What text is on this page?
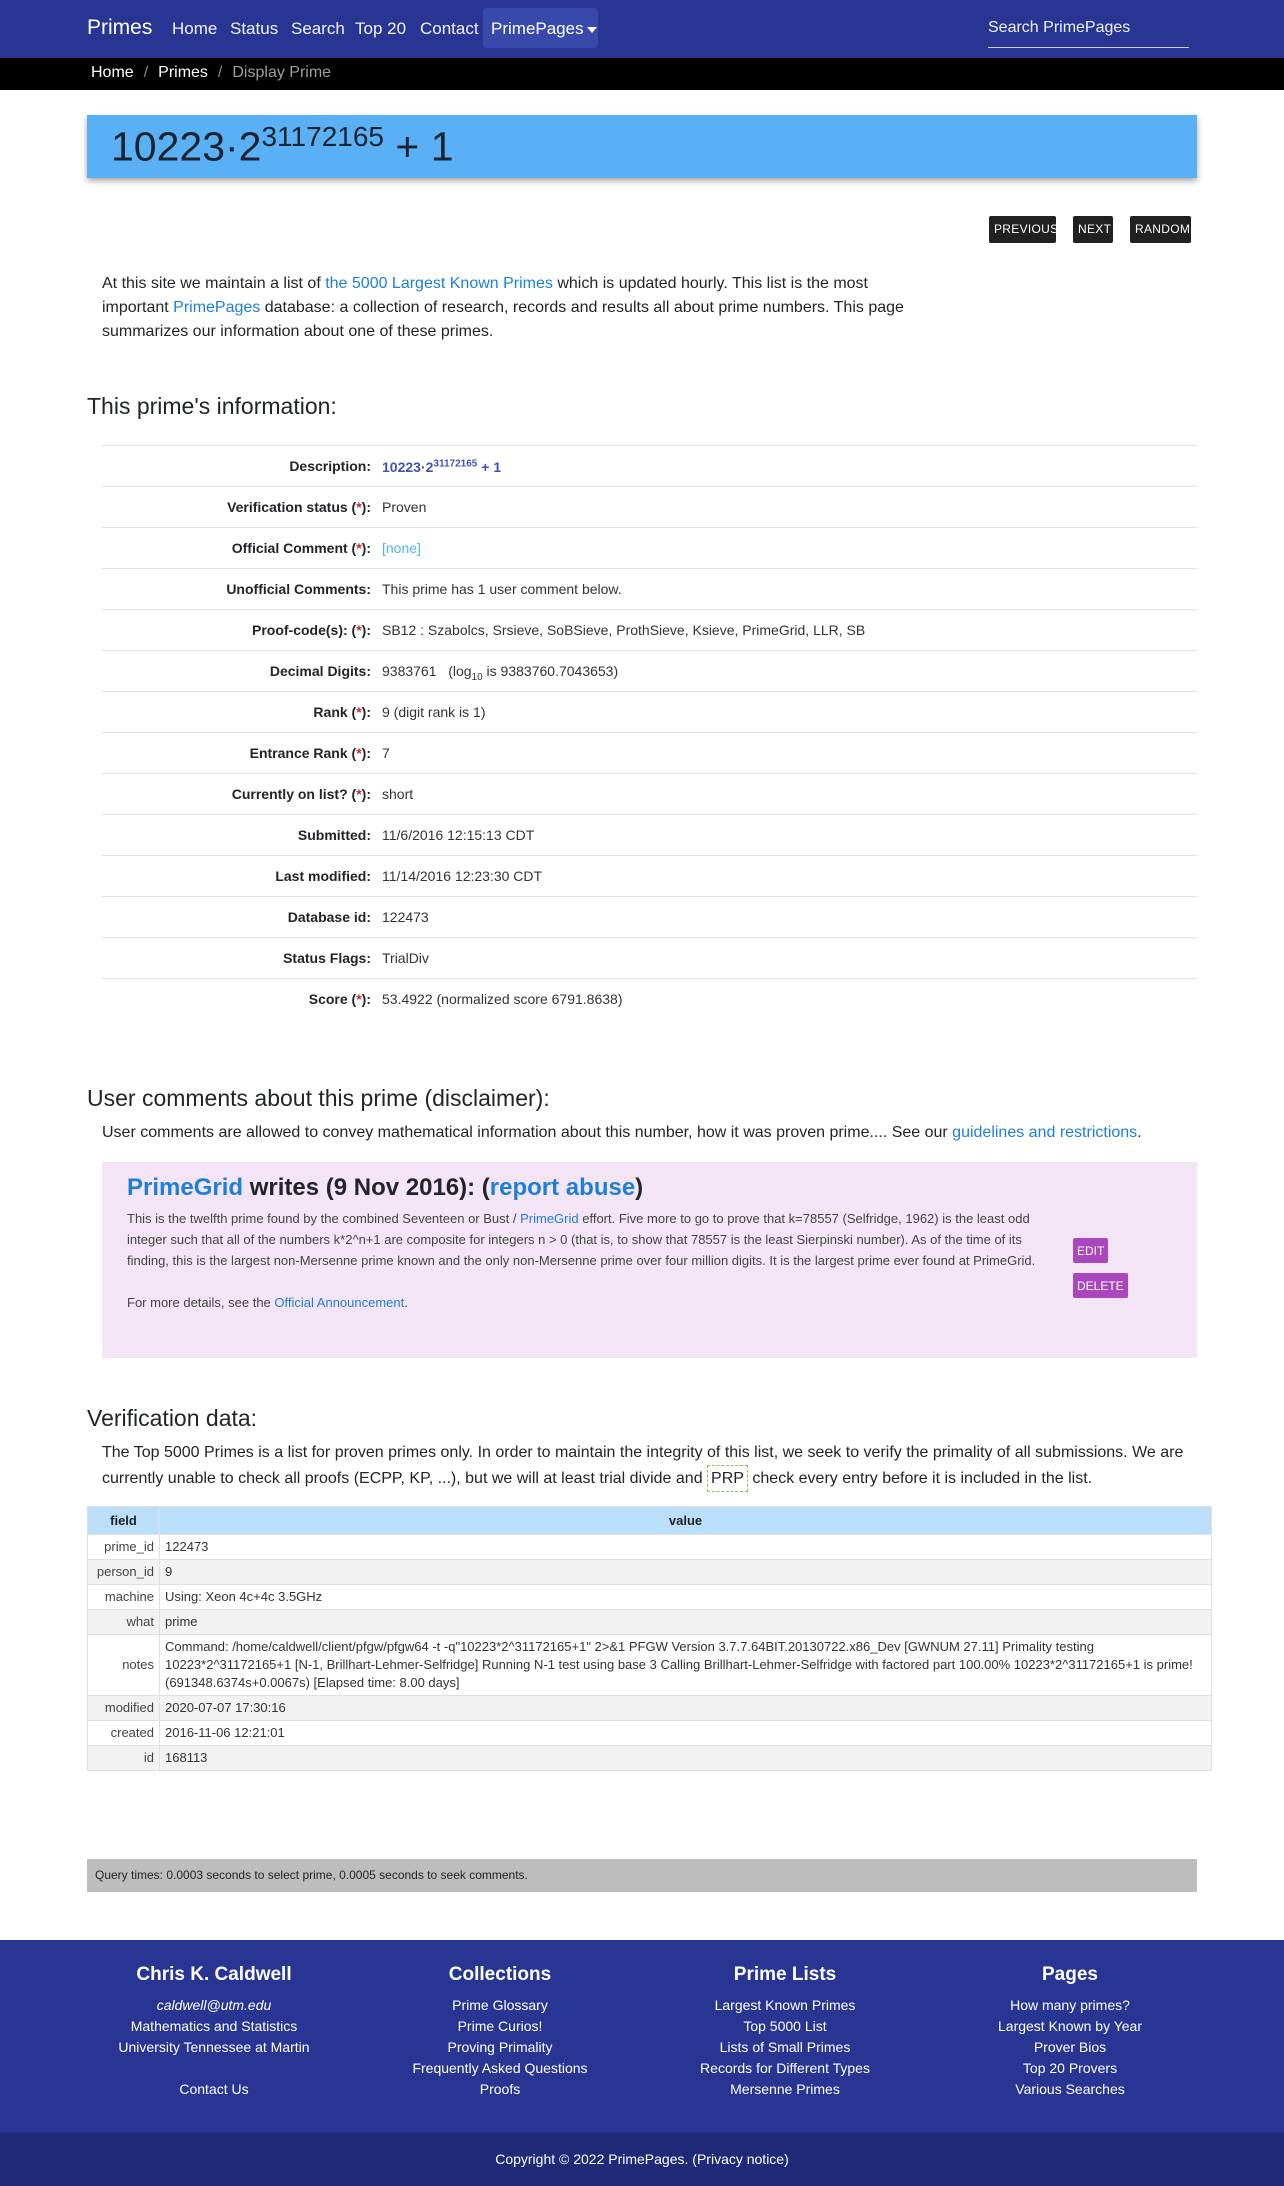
Primes Home Status Search Top 20 Contact PrimePages	Search PrimePages
Home / Primes / Display Prime
$10223\cdot 2^{31172165} + 1$
PREVIOUS	NEXT	RANDOM
At this site we maintain a list of the 5000 Largest Known Primes which is updated hourly. This list is the most important PrimePages database: a collection of research, records and results all about prime numbers. This page summarizes our information about one of these primes.
This prime's information:
Description: $10223\cdot 2^{31172165} + 1$
Verification status (*): Proven
Official Comment (*): [none]
Unofficial Comments: This prime has 1 user comment below.
Proof-code(s): (*): SB12 : Szabolcs, Srsieve, SoBSieve, ProthSieve, Ksieve, PrimeGrid, LLR, SB
Decimal Digits: 9383761 ($\log_{10}$ is 9383760.7043653)
Rank (*): 9 (digit rank is 1)
Entrance Rank (*): 7
Currently on list? (*): short
Submitted: 11/6/2016 12:15:13 CDT
Last modified: 11/14/2016 12:23:30 CDT
Database id: 122473
Status Flags: TrialDiv
Score (*): 53.4922 (normalized score 6791.8638)
User comments about this prime (disclaimer):
User comments are allowed to convey mathematical information about this number, how it was proven prime.... See our guidelines and restrictions.
PrimeGrid writes (9 Nov 2016): (report abuse)
This is the twelfth prime found by the combined Seventeen or Bust / PrimeGrid effort. Five more to go to prove that k=78557 (Selfridge, 1962) is the least odd integer such that all of the numbers k*2^n+1 are composite for integers n > 0 (that is, to show that 78557 is the least Sierpinski number). As of the time of its finding, this is the largest non-Mersenne prime known and the only non-Mersenne prime over four million digits. It is the largest prime ever found at PrimeGrid.

For more details, see the Official Announcement.
EDIT
DELETE
Verification data:
The Top 5000 Primes is a list for proven primes only. In order to maintain the integrity of this list, we seek to verify the primality of all submissions. We are currently unable to check all proofs (ECPP, KP, ...), but we will at least trial divide and PRP check every entry before it is included in the list.
field	value
prime_id	122473
person_id	9
machine	Using: Xeon 4c+4c 3.5GHz
what	prime
notes	Command: /home/caldwell/client/pfgw/pfgw64 -t -q"10223*2^31172165+1" 2>&1 PFGW Version 3.7.7.64BIT.20130722.x86_Dev [GWNUM 27.11] Primality testing 10223*2^31172165+1 [N-1, Brillhart-Lehmer-Selfridge] Running N-1 test using base 3 Calling Brillhart-Lehmer-Selfridge with factored part 100.00% 10223*2^31172165+1 is prime! (691348.6374s+0.0067s) [Elapsed time: 8.00 days]
modified	2020-07-07 17:30:16
created	2016-11-06 12:21:01
id	168113
Query times: 0.0003 seconds to select prime, 0.0005 seconds to seek comments.
Chris K. Caldwell
caldwell@utm.edu
Mathematics and Statistics
University Tennessee at Martin
Contact Us
Collections
Prime Glossary
Prime Curios!
Proving Primality
Frequently Asked Questions
Proofs
Prime Lists
Largest Known Primes
Top 5000 List
Lists of Small Primes
Records for Different Types
Mersenne Primes
Pages
How many primes?
Largest Known by Year
Prover Bios
Top 20 Provers
Various Searches
Copyright © 2022 PrimePages. (Privacy notice)
